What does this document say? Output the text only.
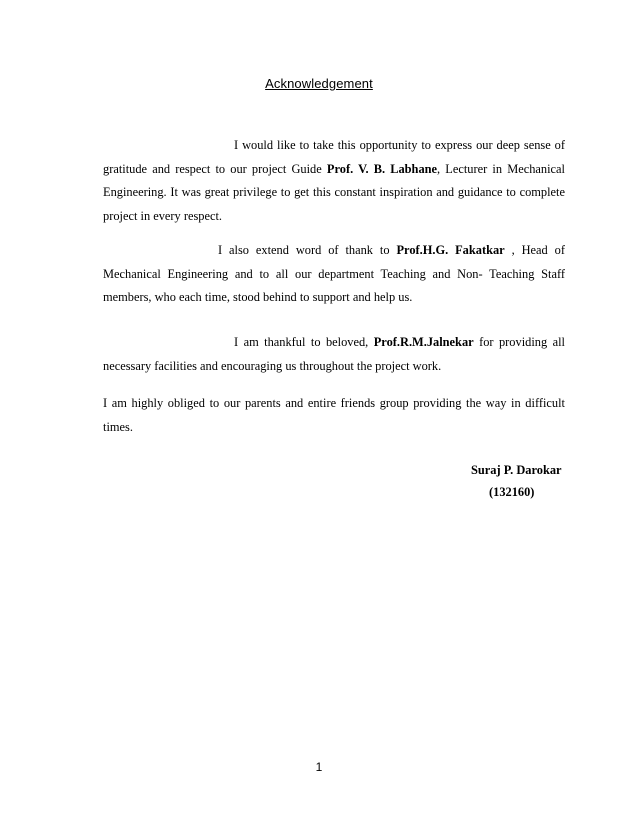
Acknowledgement

I would like to take this opportunity to express our deep sense of gratitude and respect to our project Guide Prof. V. B. Labhane, Lecturer in Mechanical Engineering. It was great privilege to get this constant inspiration and guidance to complete project in every respect.

I also extend word of thank to Prof.H.G. Fakatkar , Head of Mechanical Engineering and to all our department Teaching and Non- Teaching Staff members, who each time, stood behind to support and help us.

I am thankful to beloved, Prof.R.M.Jalnekar for providing all necessary facilities and encouraging us throughout the project work.

I am highly obliged to our parents and entire friends group providing the way in difficult times.

Suraj P. Darokar
(132160)
1
